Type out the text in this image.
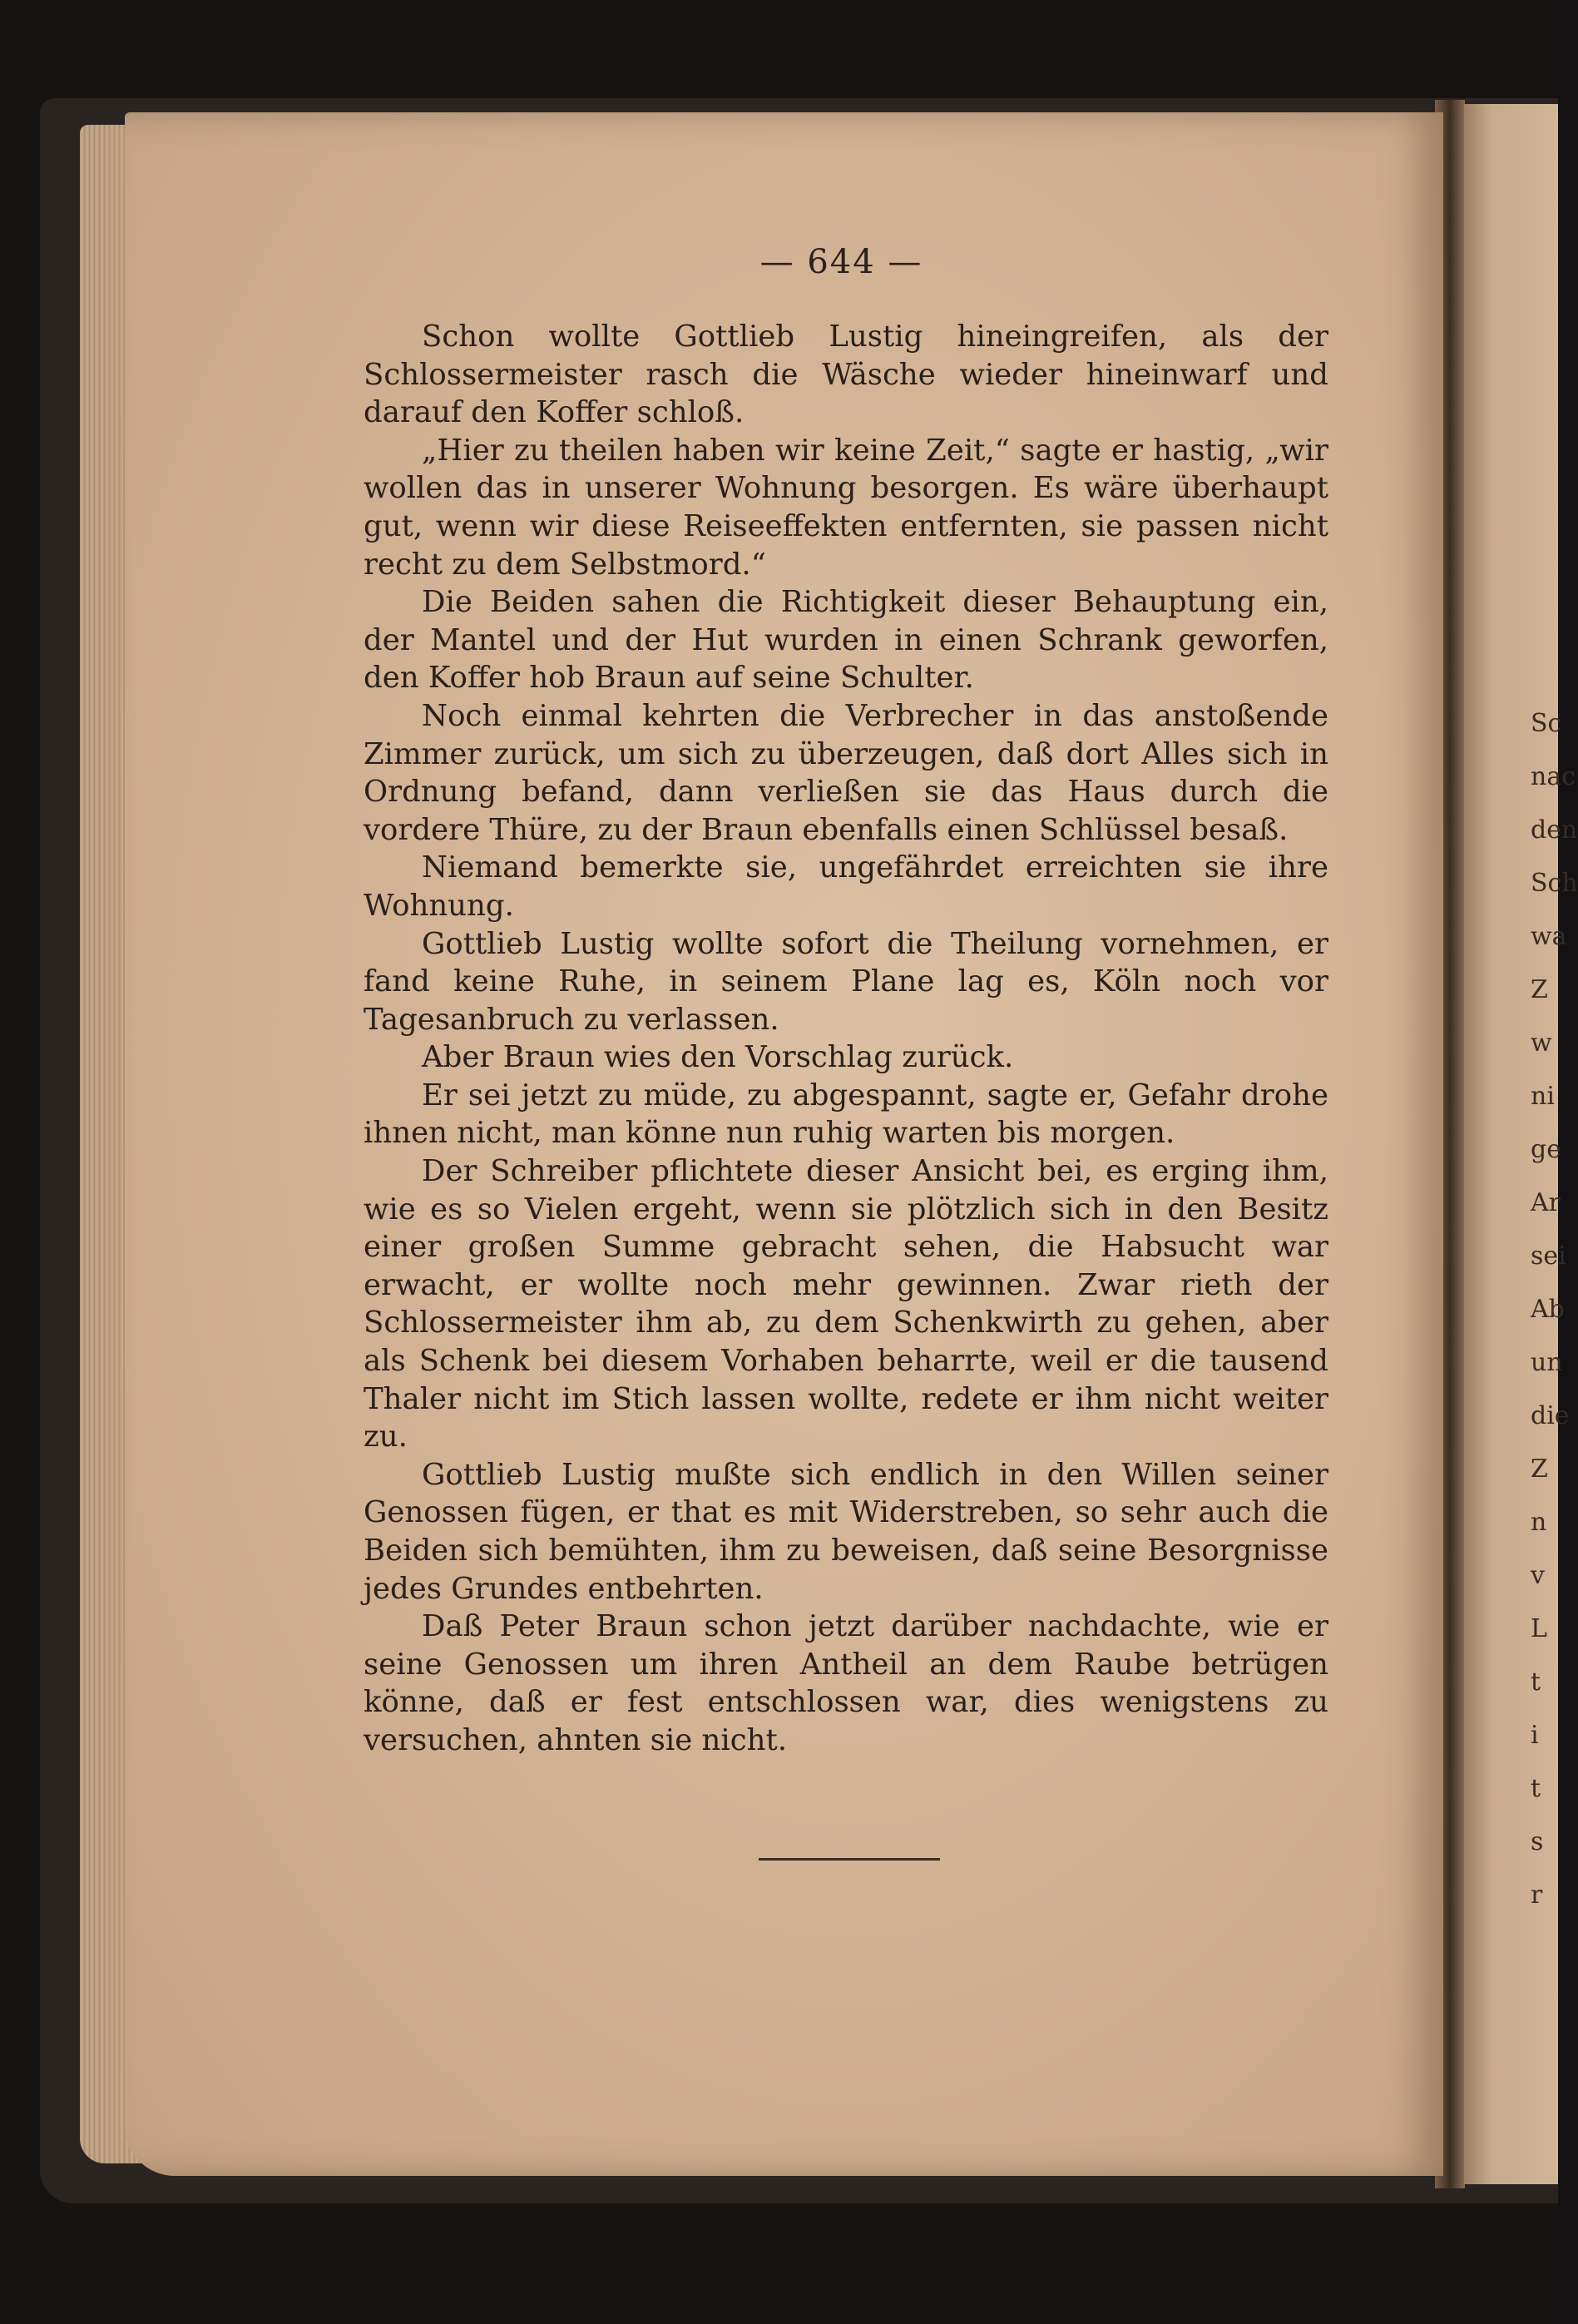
Sc
nac
den
Sch
wa
Z
w
ni
ge
Ar
sei
Ab
un
die
Z
n
v
L
t
i
t
s
r
— 644 —

Schon wollte Gottlieb Lustig hineingreifen, als der Schlossermeister rasch die Wäsche wieder hineinwarf und darauf den Koffer schloß.

„Hier zu theilen haben wir keine Zeit,“ sagte er hastig, „wir wollen das in unserer Wohnung besorgen. Es wäre überhaupt gut, wenn wir diese Reiseeffekten entfernten, sie passen nicht recht zu dem Selbstmord.“

Die Beiden sahen die Richtigkeit dieser Behauptung ein, der Mantel und der Hut wurden in einen Schrank geworfen, den Koffer hob Braun auf seine Schulter.

Noch einmal kehrten die Verbrecher in das anstoßende Zimmer zurück, um sich zu überzeugen, daß dort Alles sich in Ordnung befand, dann verließen sie das Haus durch die vordere Thüre, zu der Braun ebenfalls einen Schlüssel besaß.

Niemand bemerkte sie, ungefährdet erreichten sie ihre Wohnung.

Gottlieb Lustig wollte sofort die Theilung vornehmen, er fand keine Ruhe, in seinem Plane lag es, Köln noch vor Tagesanbruch zu verlassen.

Aber Braun wies den Vorschlag zurück.

Er sei jetzt zu müde, zu abgespannt, sagte er, Gefahr drohe ihnen nicht, man könne nun ruhig warten bis morgen.

Der Schreiber pflichtete dieser Ansicht bei, es erging ihm, wie es so Vielen ergeht, wenn sie plötzlich sich in den Besitz einer großen Summe gebracht sehen, die Habsucht war erwacht, er wollte noch mehr gewinnen. Zwar rieth der Schlossermeister ihm ab, zu dem Schenkwirth zu gehen, aber als Schenk bei diesem Vorhaben beharrte, weil er die tausend Thaler nicht im Stich lassen wollte, redete er ihm nicht weiter zu.

Gottlieb Lustig mußte sich endlich in den Willen seiner Genossen fügen, er that es mit Widerstreben, so sehr auch die Beiden sich bemühten, ihm zu beweisen, daß seine Besorgnisse jedes Grundes entbehrten.

Daß Peter Braun schon jetzt darüber nachdachte, wie er seine Genossen um ihren Antheil an dem Raube betrügen könne, daß er fest entschlossen war, dies wenigstens zu versuchen, ahnten sie nicht.
